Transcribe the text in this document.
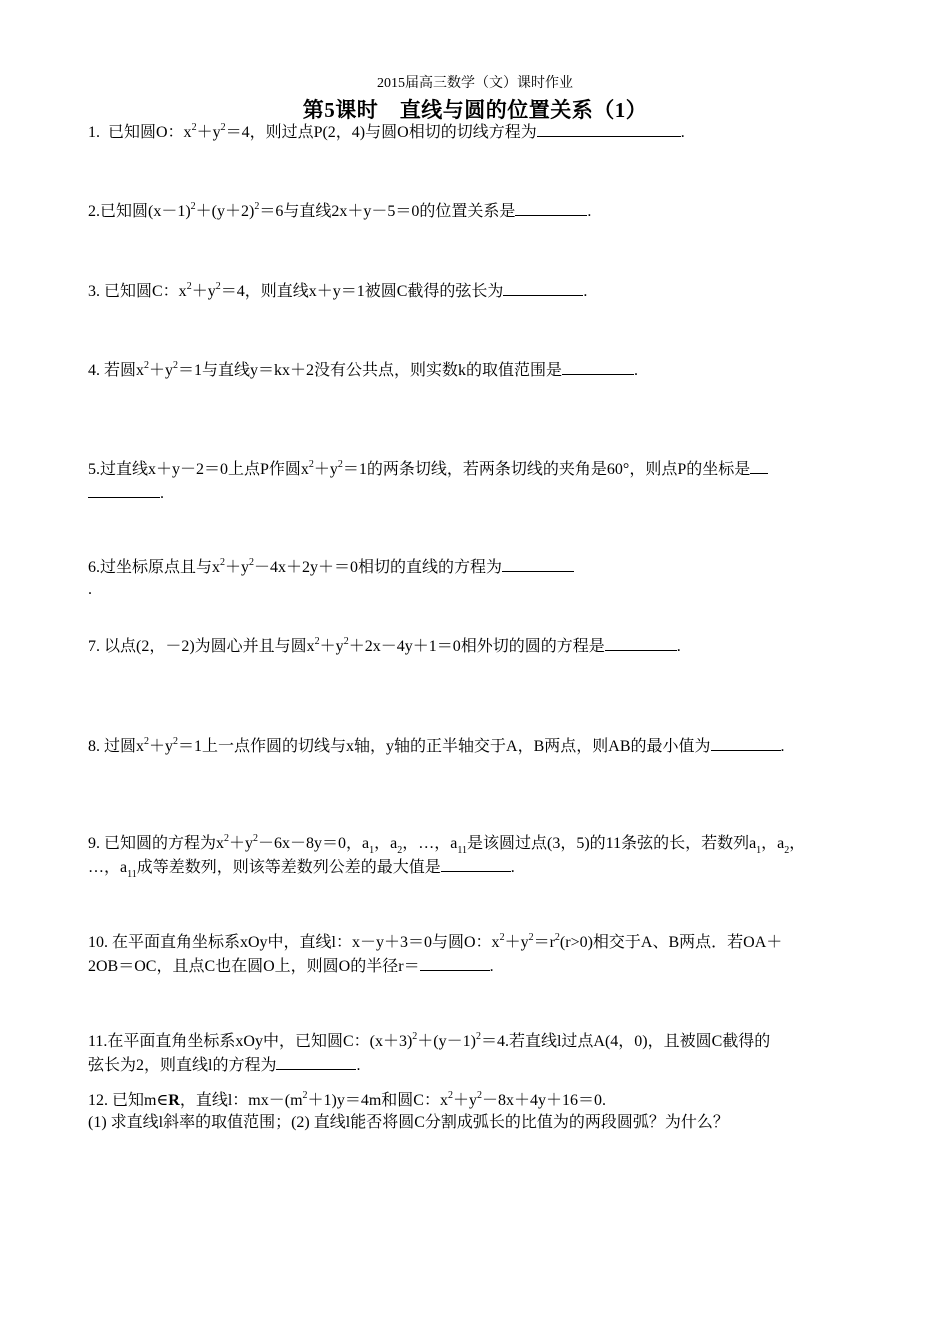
2015届高三数学（文）课时作业
第5课时　直线与圆的位置关系（1）
1.  已知圆O：$x^2+y^2=4$，则过点P(2，4)与圆O相切的切线方程为	.
2.已知圆$(x-1)^2+(y+2)^2=6$与直线2x＋y－5＝0的位置关系是	.
3. 已知圆C：$x^2+y^2=4$，则直线x＋y＝1被圆C截得的弦长为	.
4. 若圆$x^2+y^2=1$与直线y＝kx＋2没有公共点，则实数k的取值范围是	.
5.过直线x＋y－2＝0上点P作圆$x^2+y^2=1$的两条切线，若两条切线的夹角是60°，则点P的坐标是
.
6.过坐标原点且与$x^2+y^2-4x+2y+=0$相切的直线的方程为
.
7. 以点(2，－2)为圆心并且与圆$x^2+y^2+2x-4y+1=0$相外切的圆的方程是	.
8. 过圆$x^2+y^2=1$上一点作圆的切线与x轴，y轴的正半轴交于A，B两点，则AB的最小值为	.
9. 已知圆的方程为$x^2+y^2-6x-8y=0$，$a_1$，$a_2$，…，$a_{11}$是该圆过点(3，5)的11条弦的长，若数列$a_1$，$a_2$，
…，$a_{11}$成等差数列，则该等差数列公差的最大值是	.
10. 在平面直角坐标系xOy中，直线l：x－y＋3＝0与圆O：$x^2+y^2=r^2(r>0)$相交于A、B两点．若OA＋
2OB＝OC，且点C也在圆O上，则圆O的半径r＝	.
11.在平面直角坐标系xOy中，已知圆C：$(x+3)^2+(y-1)^2=4$.若直线l过点A(4，0)，且被圆C截得的
弦长为2，则直线l的方程为	.
12. 已知m∈R，直线l：$mx-(m^2+1)y=4m$和圆C：$x^2+y^2-8x+4y+16=0$.
(1) 求直线l斜率的取值范围；(2) 直线l能否将圆C分割成弧长的比值为的两段圆弧？为什么？
